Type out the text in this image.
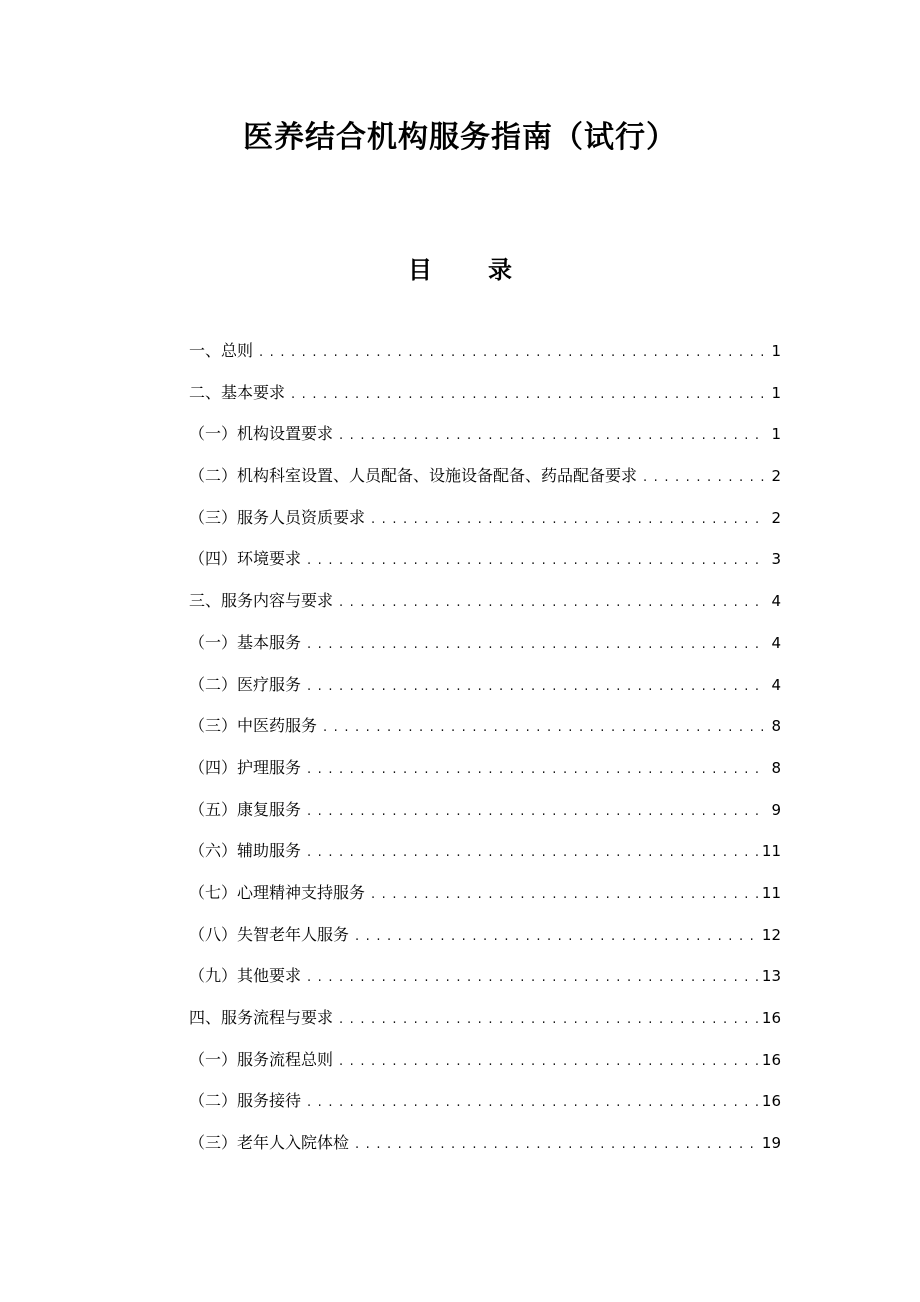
医养结合机构服务指南（试行）
目 录
一、总则 . . .	1
二、基本要求 . . .	1
（一）机构设置要求 . . .	1
（二）机构科室设置、人员配备、设施设备配备、药品配备要求 . . .	2
（三）服务人员资质要求 . . .	2
（四）环境要求 . . .	3
三、服务内容与要求 . . .	4
（一）基本服务 . . .	4
（二）医疗服务 . . .	4
（三）中医药服务 . . .	8
（四）护理服务 . . .	8
（五）康复服务 . . .	9
（六）辅助服务 . . .	11
（七）心理精神支持服务 . . .	11
（八）失智老年人服务 . . .	12
（九）其他要求 . . .	13
四、服务流程与要求 . . .	16
（一）服务流程总则 . . .	16
（二）服务接待 . . .	16
（三）老年人入院体检 . . .	19
